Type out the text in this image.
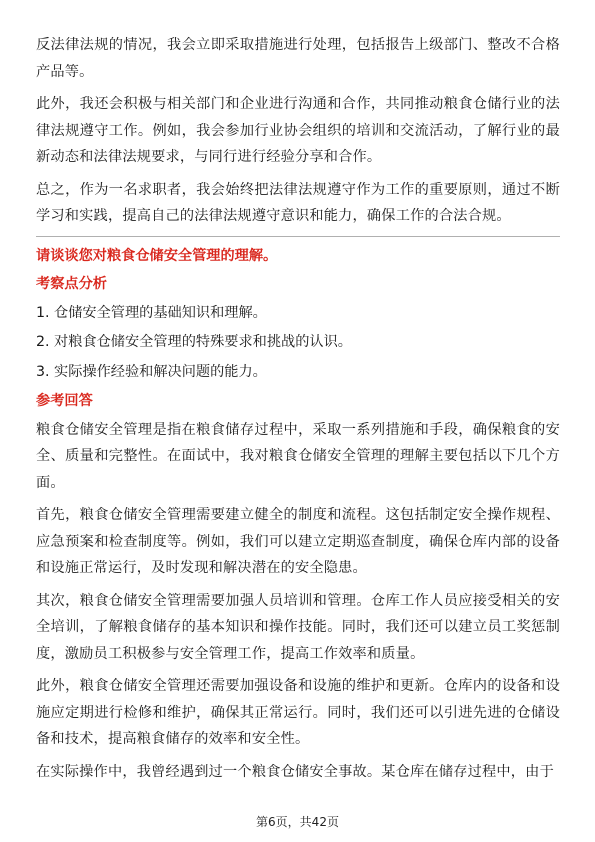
反法律法规的情况，我会立即采取措施进行处理，包括报告上级部门、整改不合格产品等。

此外，我还会积极与相关部门和企业进行沟通和合作，共同推动粮食仓储行业的法律法规遵守工作。例如，我会参加行业协会组织的培训和交流活动，了解行业的最新动态和法律法规要求，与同行进行经验分享和合作。

总之，作为一名求职者，我会始终把法律法规遵守作为工作的重要原则，通过不断学习和实践，提高自己的法律法规遵守意识和能力，确保工作的合法合规。

请谈谈您对粮食仓储安全管理的理解。
考察点分析
1. 仓储安全管理的基础知识和理解。
2. 对粮食仓储安全管理的特殊要求和挑战的认识。
3. 实际操作经验和解决问题的能力。
参考回答

粮食仓储安全管理是指在粮食储存过程中，采取一系列措施和手段，确保粮食的安全、质量和完整性。在面试中，我对粮食仓储安全管理的理解主要包括以下几个方面。

首先，粮食仓储安全管理需要建立健全的制度和流程。这包括制定安全操作规程、应急预案和检查制度等。例如，我们可以建立定期巡查制度，确保仓库内部的设备和设施正常运行，及时发现和解决潜在的安全隐患。

其次，粮食仓储安全管理需要加强人员培训和管理。仓库工作人员应接受相关的安全培训，了解粮食储存的基本知识和操作技能。同时，我们还可以建立员工奖惩制度，激励员工积极参与安全管理工作，提高工作效率和质量。

此外，粮食仓储安全管理还需要加强设备和设施的维护和更新。仓库内的设备和设施应定期进行检修和维护，确保其正常运行。同时，我们还可以引进先进的仓储设备和技术，提高粮食储存的效率和安全性。

在实际操作中，我曾经遇到过一个粮食仓储安全事故。某仓库在储存过程中，由于

第6页，共42页
